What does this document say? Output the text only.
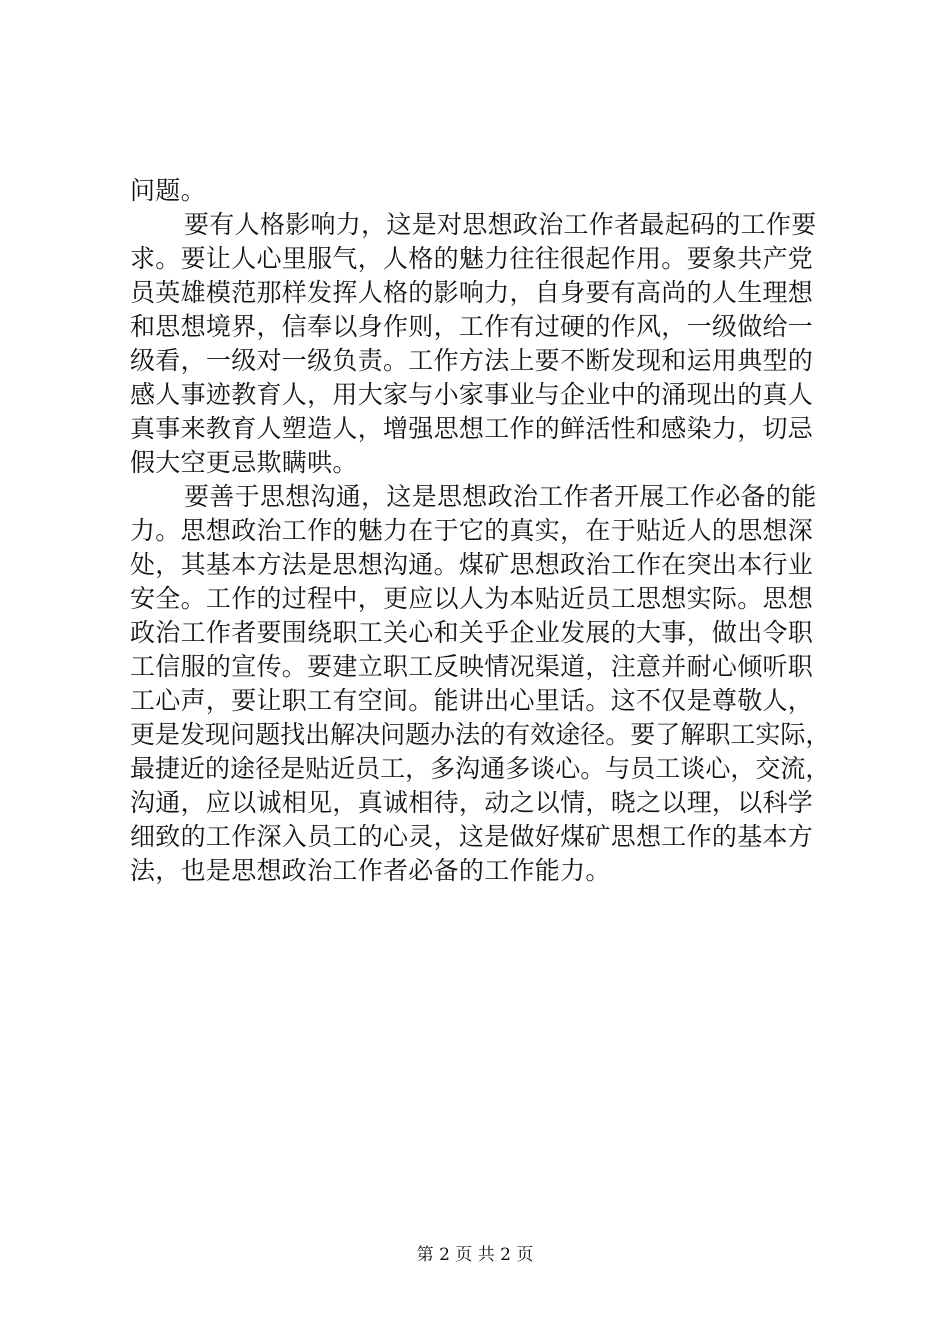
问题。
要有人格影响力，这是对思想政治工作者最起码的工作要
求。要让人心里服气，人格的魅力往往很起作用。要象共产党
员英雄模范那样发挥人格的影响力，自身要有高尚的人生理想
和思想境界，信奉以身作则，工作有过硬的作风，一级做给一
级看，一级对一级负责。工作方法上要不断发现和运用典型的
感人事迹教育人，用大家与小家事业与企业中的涌现出的真人
真事来教育人塑造人，增强思想工作的鲜活性和感染力，切忌
假大空更忌欺瞒哄。
要善于思想沟通，这是思想政治工作者开展工作必备的能
力。思想政治工作的魅力在于它的真实，在于贴近人的思想深
处，其基本方法是思想沟通。煤矿思想政治工作在突出本行业
安全。工作的过程中，更应以人为本贴近员工思想实际。思想
政治工作者要围绕职工关心和关乎企业发展的大事，做出令职
工信服的宣传。要建立职工反映情况渠道，注意并耐心倾听职
工心声，要让职工有空间。能讲出心里话。这不仅是尊敬人，
更是发现问题找出解决问题办法的有效途径。要了解职工实际，
最捷近的途径是贴近员工，多沟通多谈心。与员工谈心，交流，
沟通，应以诚相见，真诚相待，动之以情，晓之以理，以科学
细致的工作深入员工的心灵，这是做好煤矿思想工作的基本方
法，也是思想政治工作者必备的工作能力。
第 2 页 共 2 页
